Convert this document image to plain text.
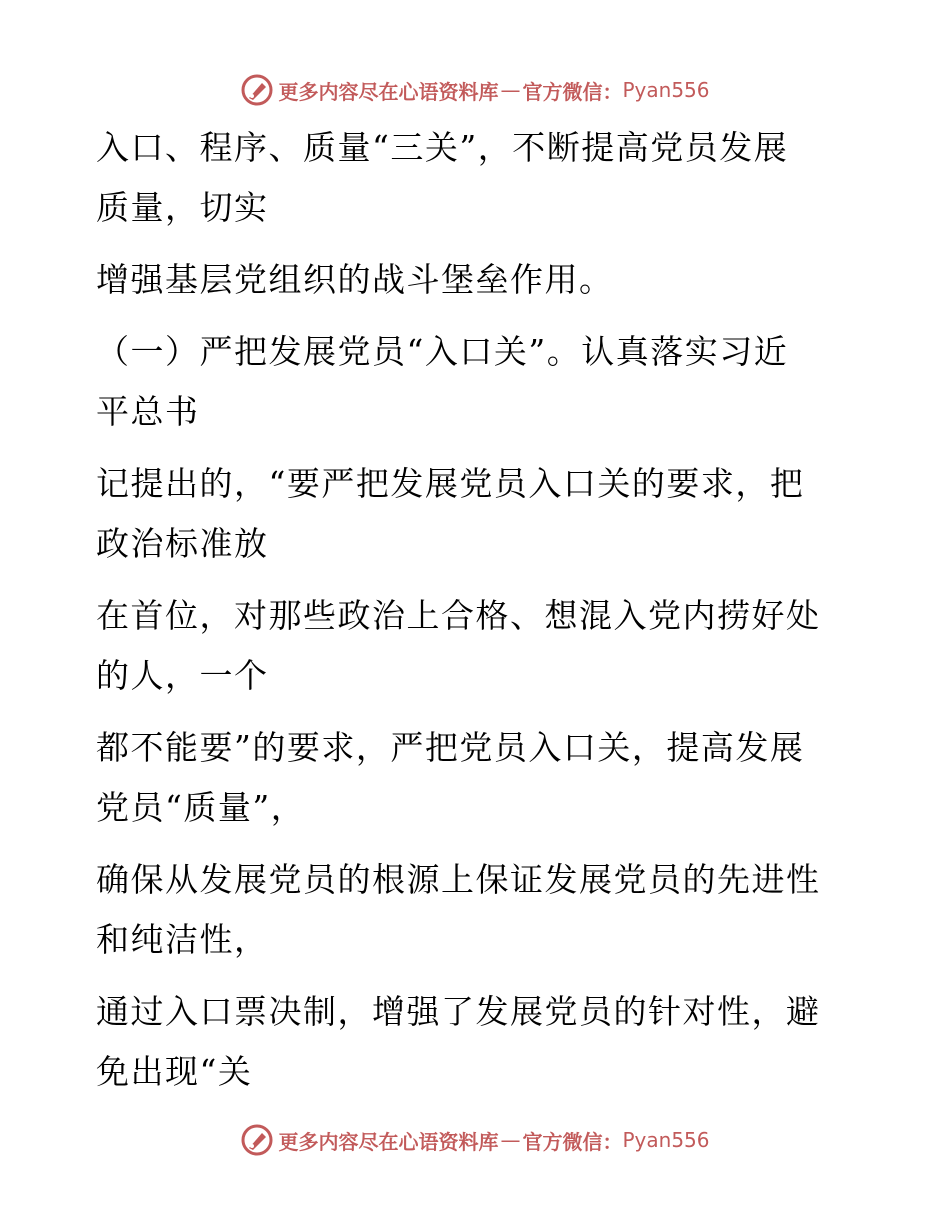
更多内容尽在心语资料库 — 官方微信： Pyan556

入口、程序、质量“三关”，不断提高党员发展
质量，切实

增强基层党组织的战斗堡垒作用。

（一）严把发展党员“入口关”。认真落实习近
平总书

记提出的，“要严把发展党员入口关的要求，把
政治标准放

在首位，对那些政治上合格、想混入党内捞好处
的人，一个

都不能要”的要求，严把党员入口关，提高发展
党员“质量”，

确保从发展党员的根源上保证发展党员的先进性
和纯洁性，

通过入口票决制，增强了发展党员的针对性，避
免出现“关

更多内容尽在心语资料库 — 官方微信： Pyan556
